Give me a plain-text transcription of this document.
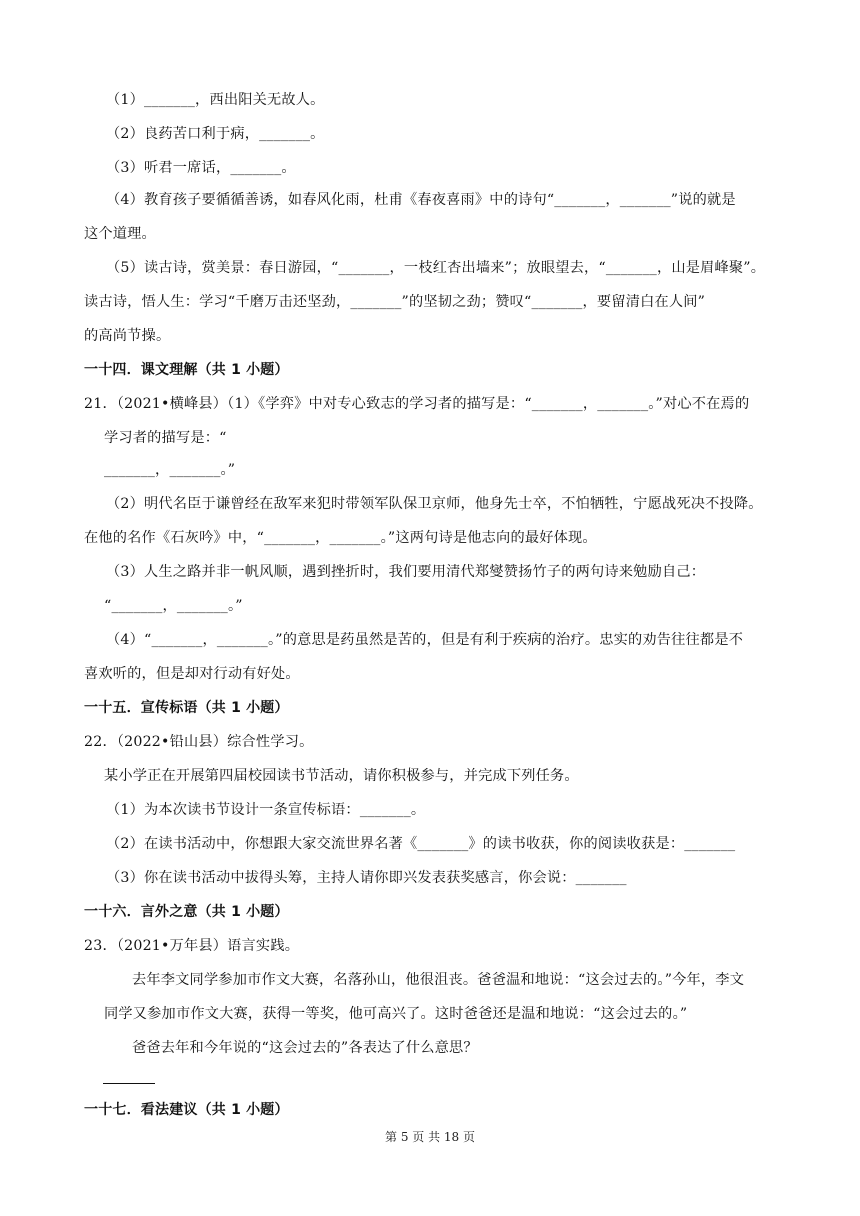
（1）_______，西出阳关无故人。
（2）良药苦口利于病，_______。
（3）听君一席话，_______。
（4）教育孩子要循循善诱，如春风化雨，杜甫《春夜喜雨》中的诗句“_______，_______”说的就是
这个道理。
（5）读古诗，赏美景：春日游园，“_______，一枝红杏出墙来”；放眼望去，“_______，山是眉峰聚”。
读古诗，悟人生：学习“千磨万击还坚劲，_______”的坚韧之劲；赞叹“_______，要留清白在人间”
的高尚节操。
一十四．课文理解（共 1 小题）
21．（2021•横峰县）（1）《学弈》中对专心致志的学习者的描写是：“_______，_______。”对心不在焉的
学习者的描写是：“
_______，_______。”
（2）明代名臣于谦曾经在敌军来犯时带领军队保卫京师，他身先士卒，不怕牺牲，宁愿战死决不投降。
在他的名作《石灰吟》中，“_______，_______。”这两句诗是他志向的最好体现。
（3）人生之路并非一帆风顺，遇到挫折时，我们要用清代郑燮赞扬竹子的两句诗来勉励自己：
“_______，_______。”
（4）“_______，_______。”的意思是药虽然是苦的，但是有利于疾病的治疗。忠实的劝告往往都是不
喜欢听的，但是却对行动有好处。
一十五．宣传标语（共 1 小题）
22．（2022•铅山县）综合性学习。
某小学正在开展第四届校园读书节活动，请你积极参与，并完成下列任务。
（1）为本次读书节设计一条宣传标语：_______。
（2）在读书活动中，你想跟大家交流世界名著《_______》的读书收获，你的阅读收获是：_______
（3）你在读书活动中拔得头筹，主持人请你即兴发表获奖感言，你会说：_______
一十六．言外之意（共 1 小题）
23．（2021•万年县）语言实践。
去年李文同学参加市作文大赛，名落孙山，他很沮丧。爸爸温和地说：“这会过去的。”今年，李文
同学又参加市作文大赛，获得一等奖，他可高兴了。这时爸爸还是温和地说：“这会过去的。”
爸爸去年和今年说的“这会过去的”各表达了什么意思？
一十七．看法建议（共 1 小题）
第 5 页 共 18 页
